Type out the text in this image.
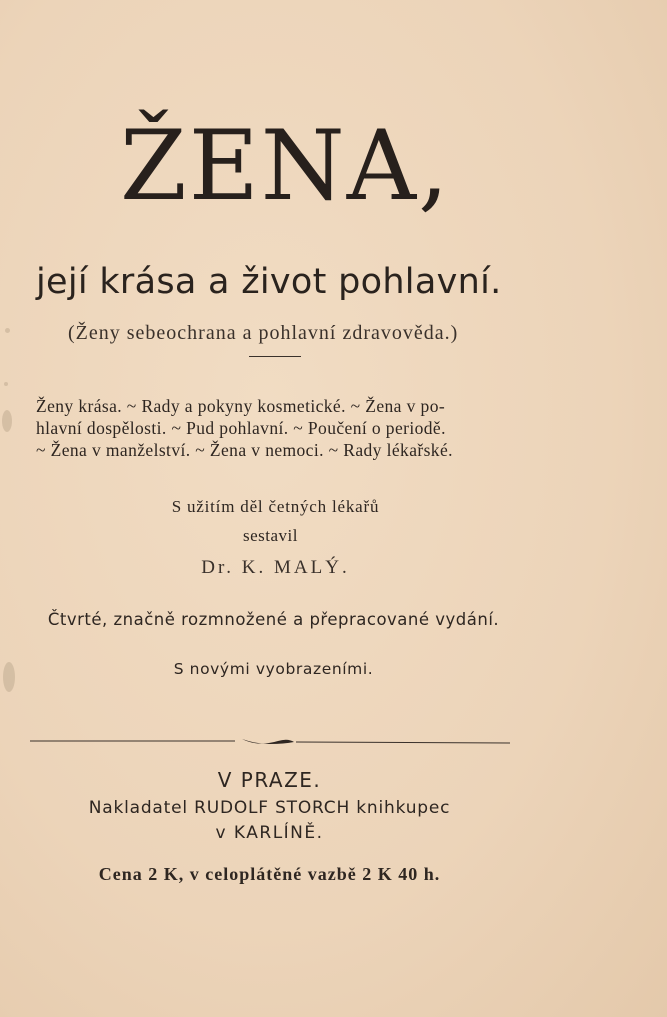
ŽENA,
její krása a život pohlavní.
(Ženy sebeochrana a pohlavní zdravověda.)
Ženy krása. ~ Rady a pokyny kosmetické. ~ Žena v po-
hlavní dospělosti. ~ Pud pohlavní. ~ Poučení o periodě.
~ Žena v manželství. ~ Žena v nemoci. ~ Rady lékařské.
S užitím děl četných lékařů
sestavil
Dr. K. MALÝ.
Čtvrté, značně rozmnožené a přepracované vydání.
S novými vyobrazeními.
V PRAZE.
Nakladatel RUDOLF STORCH knihkupec
v KARLÍNĚ.
Cena 2 K, v celoplátěné vazbě 2 K 40 h.
